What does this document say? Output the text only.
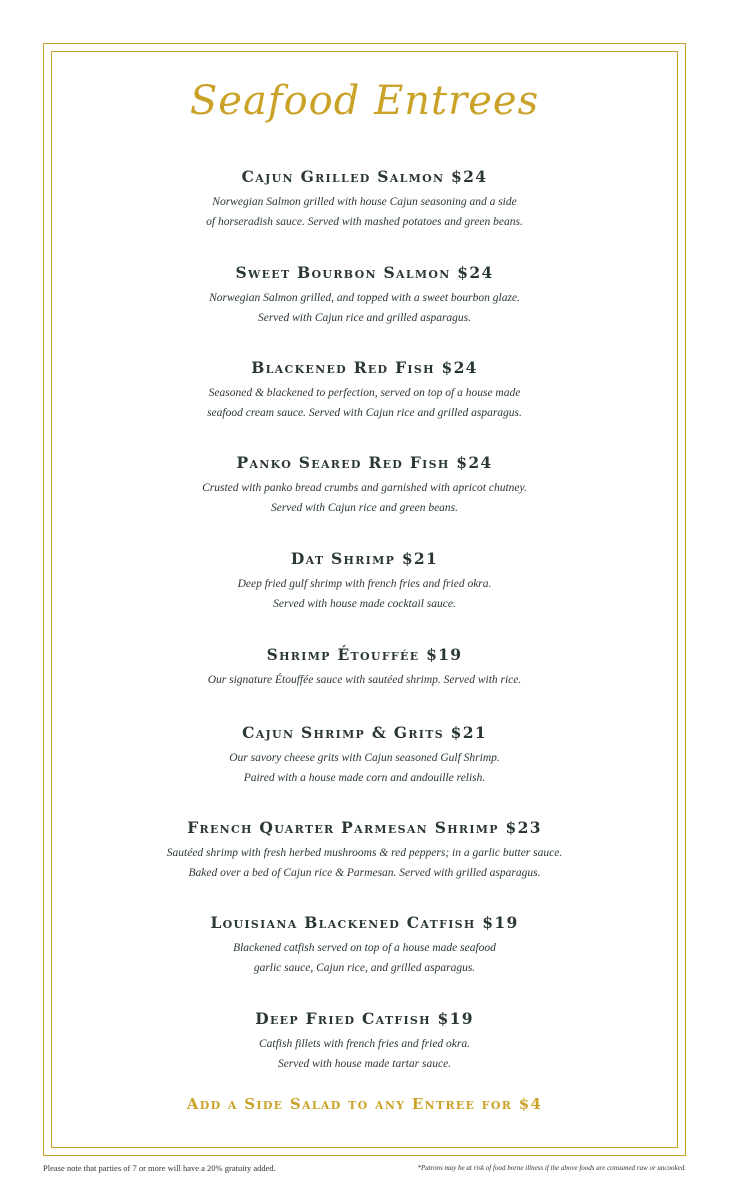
Seafood Entrees
Cajun Grilled Salmon $24
Norwegian Salmon grilled with house Cajun seasoning and a side
of horseradish sauce. Served with mashed potatoes and green beans.
Sweet Bourbon Salmon $24
Norwegian Salmon grilled, and topped with a sweet bourbon glaze.
Served with Cajun rice and grilled asparagus.
Blackened Red Fish $24
Seasoned & blackened to perfection, served on top of a house made
seafood cream sauce. Served with Cajun rice and grilled asparagus.
Panko Seared Red Fish $24
Crusted with panko bread crumbs and garnished with apricot chutney.
Served with Cajun rice and green beans.
Dat Shrimp $21
Deep fried gulf shrimp with french fries and fried okra.
Served with house made cocktail sauce.
Shrimp Étouffée $19
Our signature Étouffée sauce with sautéed shrimp. Served with rice.
Cajun Shrimp & Grits $21
Our savory cheese grits with Cajun seasoned Gulf Shrimp.
Paired with a house made corn and andouille relish.
French Quarter Parmesan Shrimp $23
Sautéed shrimp with fresh herbed mushrooms & red peppers; in a garlic butter sauce.
Baked over a bed of Cajun rice & Parmesan. Served with grilled asparagus.
Louisiana Blackened Catfish $19
Blackened catfish served on top of a house made seafood
garlic sauce, Cajun rice, and grilled asparagus.
Deep Fried Catfish $19
Catfish fillets with french fries and fried okra.
Served with house made tartar sauce.
Add a Side Salad to any Entree for $4
Please note that parties of 7 or more will have a 20% gratuity added.	*Patrons may be at risk of food borne illness if the above foods are consumed raw or uncooked.
